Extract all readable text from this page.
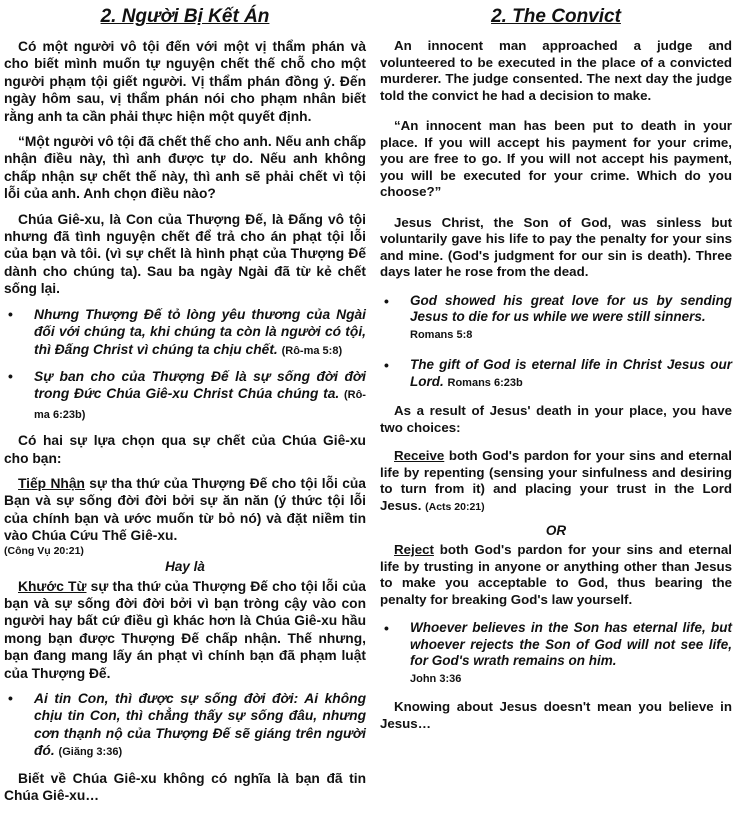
2. Người Bị Kết Án

Có một người vô tội đến với một vị thẩm phán và cho biết mình muốn tự nguyện chết thế chỗ cho một người phạm tội giết người. Vị thẩm phán đồng ý. Đến ngày hôm sau, vị thẩm phán nói cho phạm nhân biết rằng anh ta cần phải thực hiện một quyết định.

“Một người vô tội đã chết thế cho anh. Nếu anh chấp nhận điều này, thì anh được tự do. Nếu anh không chấp nhận sự chết thế này, thì anh sẽ phải chết vì tội lỗi của anh. Anh chọn điều nào?

Chúa Giê-xu, là Con của Thượng Đế, là Đấng vô tội nhưng đã tình nguyện chết để trả cho án phạt tội lỗi của bạn và tôi. (vì sự chết là hình phạt của Thượng Đế dành cho chúng ta). Sau ba ngày Ngài đã từ kẻ chết sống lại.

• Nhưng Thượng Đế tỏ lòng yêu thương của Ngài đối với chúng ta, khi chúng ta còn là người có tội, thì Đấng Christ vì chúng ta chịu chết. (Rô-ma 5:8)
• Sự ban cho của Thượng Đế là sự sống đời đời trong Đức Chúa Giê-xu Christ Chúa chúng ta. (Rô-ma 6:23b)

Có hai sự lựa chọn qua sự chết của Chúa Giê-xu cho bạn:

Tiếp Nhận sự tha thứ của Thượng Đế cho tội lỗi của Bạn và sự sống đời đời bởi sự ăn năn (ý thức tội lỗi của chính bạn và ước muốn từ bỏ nó) và đặt niềm tin vào Chúa Cứu Thế Giê-xu.

(Công Vụ 20:21)
Hay là

Khước Từ sự tha thứ của Thượng Đế cho tội lỗi của bạn và sự sống đời đời bởi vì bạn tròng cậy vào con người hay bất cứ điều gì khác hơn là Chúa Giê-xu hầu mong bạn được Thượng Đế chấp nhận. Thế nhưng, bạn đang mang lấy án phạt vì chính bạn đã phạm luật của Thượng Đế.

• Ai tin Con, thì được sự sống đời đời: Ai không chịu tin Con, thì chẳng thấy sự sống đâu, nhưng cơn thạnh nộ của Thượng Đế sẽ giáng trên người đó. (Giăng 3:36)

Biết về Chúa Giê-xu không có nghĩa là bạn đã tin Chúa Giê-xu…

2. The Convict

An innocent man approached a judge and volunteered to be executed in the place of a convicted murderer. The judge consented. The next day the judge told the convict he had a decision to make.

“An innocent man has been put to death in your place. If you will accept his payment for your crime, you are free to go. If you will not accept his payment, you will be executed for your crime. Which do you choose?”

Jesus Christ, the Son of God, was sinless but voluntarily gave his life to pay the penalty for your sins and mine. (God's judgment for our sin is death). Three days later he rose from the dead.

• God showed his great love for us by sending Jesus to die for us while we were still sinners.
Romans 5:8
• The gift of God is eternal life in Christ Jesus our Lord. Romans 6:23b

As a result of Jesus' death in your place, you have two choices:

Receive both God's pardon for your sins and eternal life by repenting (sensing your sinfulness and desiring to turn from it) and placing your trust in the Lord Jesus. (Acts 20:21)

OR

Reject both God's pardon for your sins and eternal life by trusting in anyone or anything other than Jesus to make you acceptable to God, thus bearing the penalty for breaking God's law yourself.

• Whoever believes in the Son has eternal life, but whoever rejects the Son of God will not see life, for God's wrath remains on him.
John 3:36

Knowing about Jesus doesn't mean you believe in Jesus…
